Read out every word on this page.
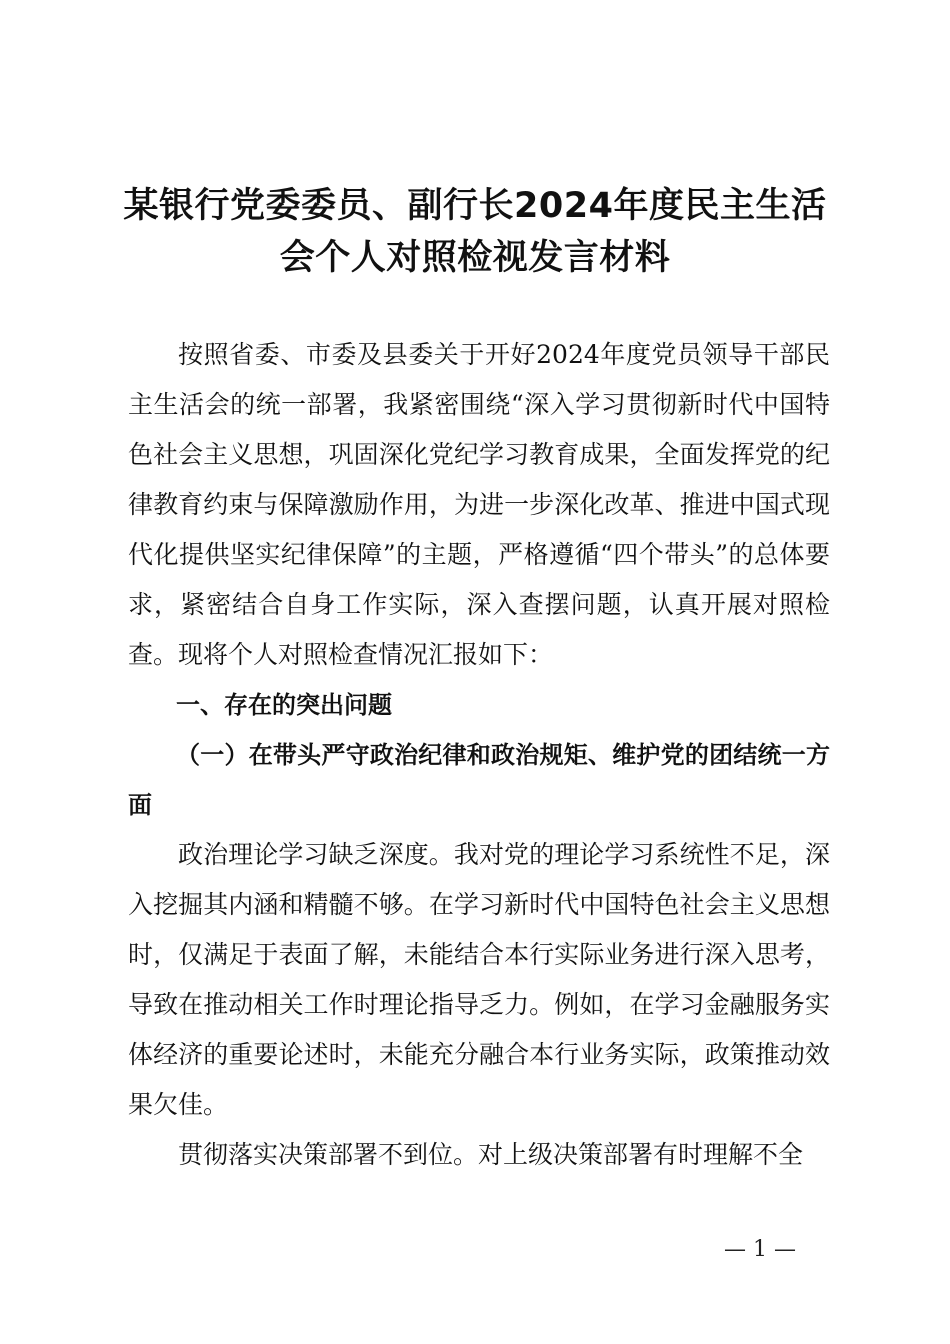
某银行党委委员、副行长2024年度民主生活
会个人对照检视发言材料

按照省委、市委及县委关于开好2024年度党员领导干部民主生活会的统一部署，我紧密围绕“深入学习贯彻新时代中国特色社会主义思想，巩固深化党纪学习教育成果，全面发挥党的纪律教育约束与保障激励作用，为进一步深化改革、推进中国式现代化提供坚实纪律保障”的主题，严格遵循“四个带头”的总体要求，紧密结合自身工作实际，深入查摆问题，认真开展对照检查。现将个人对照检查情况汇报如下：

一、存在的突出问题

（一）在带头严守政治纪律和政治规矩、维护党的团结统一方面

政治理论学习缺乏深度。我对党的理论学习系统性不足，深入挖掘其内涵和精髓不够。在学习新时代中国特色社会主义思想时，仅满足于表面了解，未能结合本行实际业务进行深入思考，导致在推动相关工作时理论指导乏力。例如，在学习金融服务实体经济的重要论述时，未能充分融合本行业务实际，政策推动效果欠佳。

贯彻落实决策部署不到位。对上级决策部署有时理解不全

— 1 —
